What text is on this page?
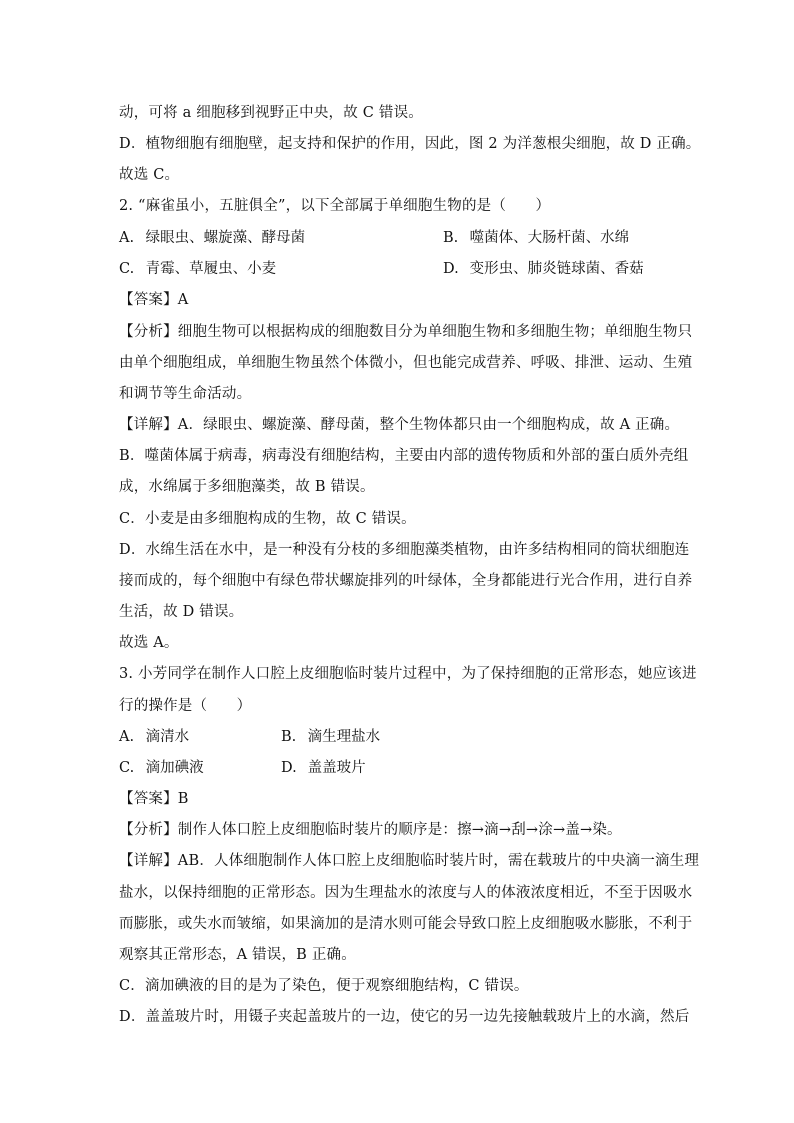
动，可将 a 细胞移到视野正中央，故 C 错误。
D．植物细胞有细胞壁，起支持和保护的作用，因此，图 2 为洋葱根尖细胞，故 D 正确。
故选 C。
2. “麻雀虽小，五脏俱全”，以下全部属于单细胞生物的是（　　）
A. 绿眼虫、螺旋藻、酵母菌	B. 噬菌体、大肠杆菌、水绵
C. 青霉、草履虫、小麦	D. 变形虫、肺炎链球菌、香菇
【答案】A
【分析】细胞生物可以根据构成的细胞数目分为单细胞生物和多细胞生物；单细胞生物只
由单个细胞组成，单细胞生物虽然个体微小，但也能完成营养、呼吸、排泄、运动、生殖
和调节等生命活动。
【详解】A．绿眼虫、螺旋藻、酵母菌，整个生物体都只由一个细胞构成，故 A 正确。
B．噬菌体属于病毒，病毒没有细胞结构，主要由内部的遗传物质和外部的蛋白质外壳组
成，水绵属于多细胞藻类，故 B 错误。
C．小麦是由多细胞构成的生物，故 C 错误。
D．水绵生活在水中，是一种没有分枝的多细胞藻类植物，由许多结构相同的筒状细胞连
接而成的，每个细胞中有绿色带状螺旋排列的叶绿体，全身都能进行光合作用，进行自养
生活，故 D 错误。
故选 A。
3. 小芳同学在制作人口腔上皮细胞临时装片过程中，为了保持细胞的正常形态，她应该进
行的操作是（　　）
A. 滴清水	B. 滴生理盐水
C. 滴加碘液	D. 盖盖玻片
【答案】B
【分析】制作人体口腔上皮细胞临时装片的顺序是：擦→滴→刮→涂→盖→染。
【详解】AB．人体细胞制作人体口腔上皮细胞临时装片时，需在载玻片的中央滴一滴生理
盐水，以保持细胞的正常形态。因为生理盐水的浓度与人的体液浓度相近，不至于因吸水
而膨胀，或失水而皱缩，如果滴加的是清水则可能会导致口腔上皮细胞吸水膨胀，不利于
观察其正常形态，A 错误，B 正确。
C．滴加碘液的目的是为了染色，便于观察细胞结构，C 错误。
D．盖盖玻片时，用镊子夹起盖玻片的一边，使它的另一边先接触载玻片上的水滴，然后
